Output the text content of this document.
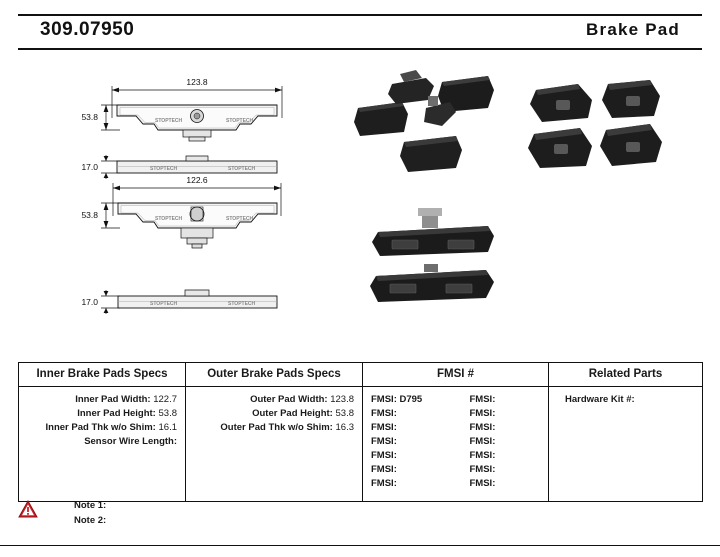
309.07950	Brake Pad
123.8
53.8
17.0
122.6
53.8
17.0
STOPTECH	STOPTECH
STOPTECH	STOPTECH
STOPTECH	STOPTECH
STOPTECH	STOPTECH
Inner Brake Pads Specs	Outer Brake Pads Specs	FMSI #	Related Parts

Inner Pad Width: 122.7
Inner Pad Height: 53.8
Inner Pad Thk w/o Shim: 16.1
Sensor Wire Length:

Outer Pad Width: 123.8
Outer Pad Height: 53.8
Outer Pad Thk w/o Shim: 16.3

FMSI: D795
FMSI:
FMSI:
FMSI:
FMSI:
FMSI:
FMSI:
FMSI:
FMSI:
FMSI:
FMSI:
FMSI:
FMSI:
FMSI:

Hardware Kit #:
Note 1:
Note 2:
